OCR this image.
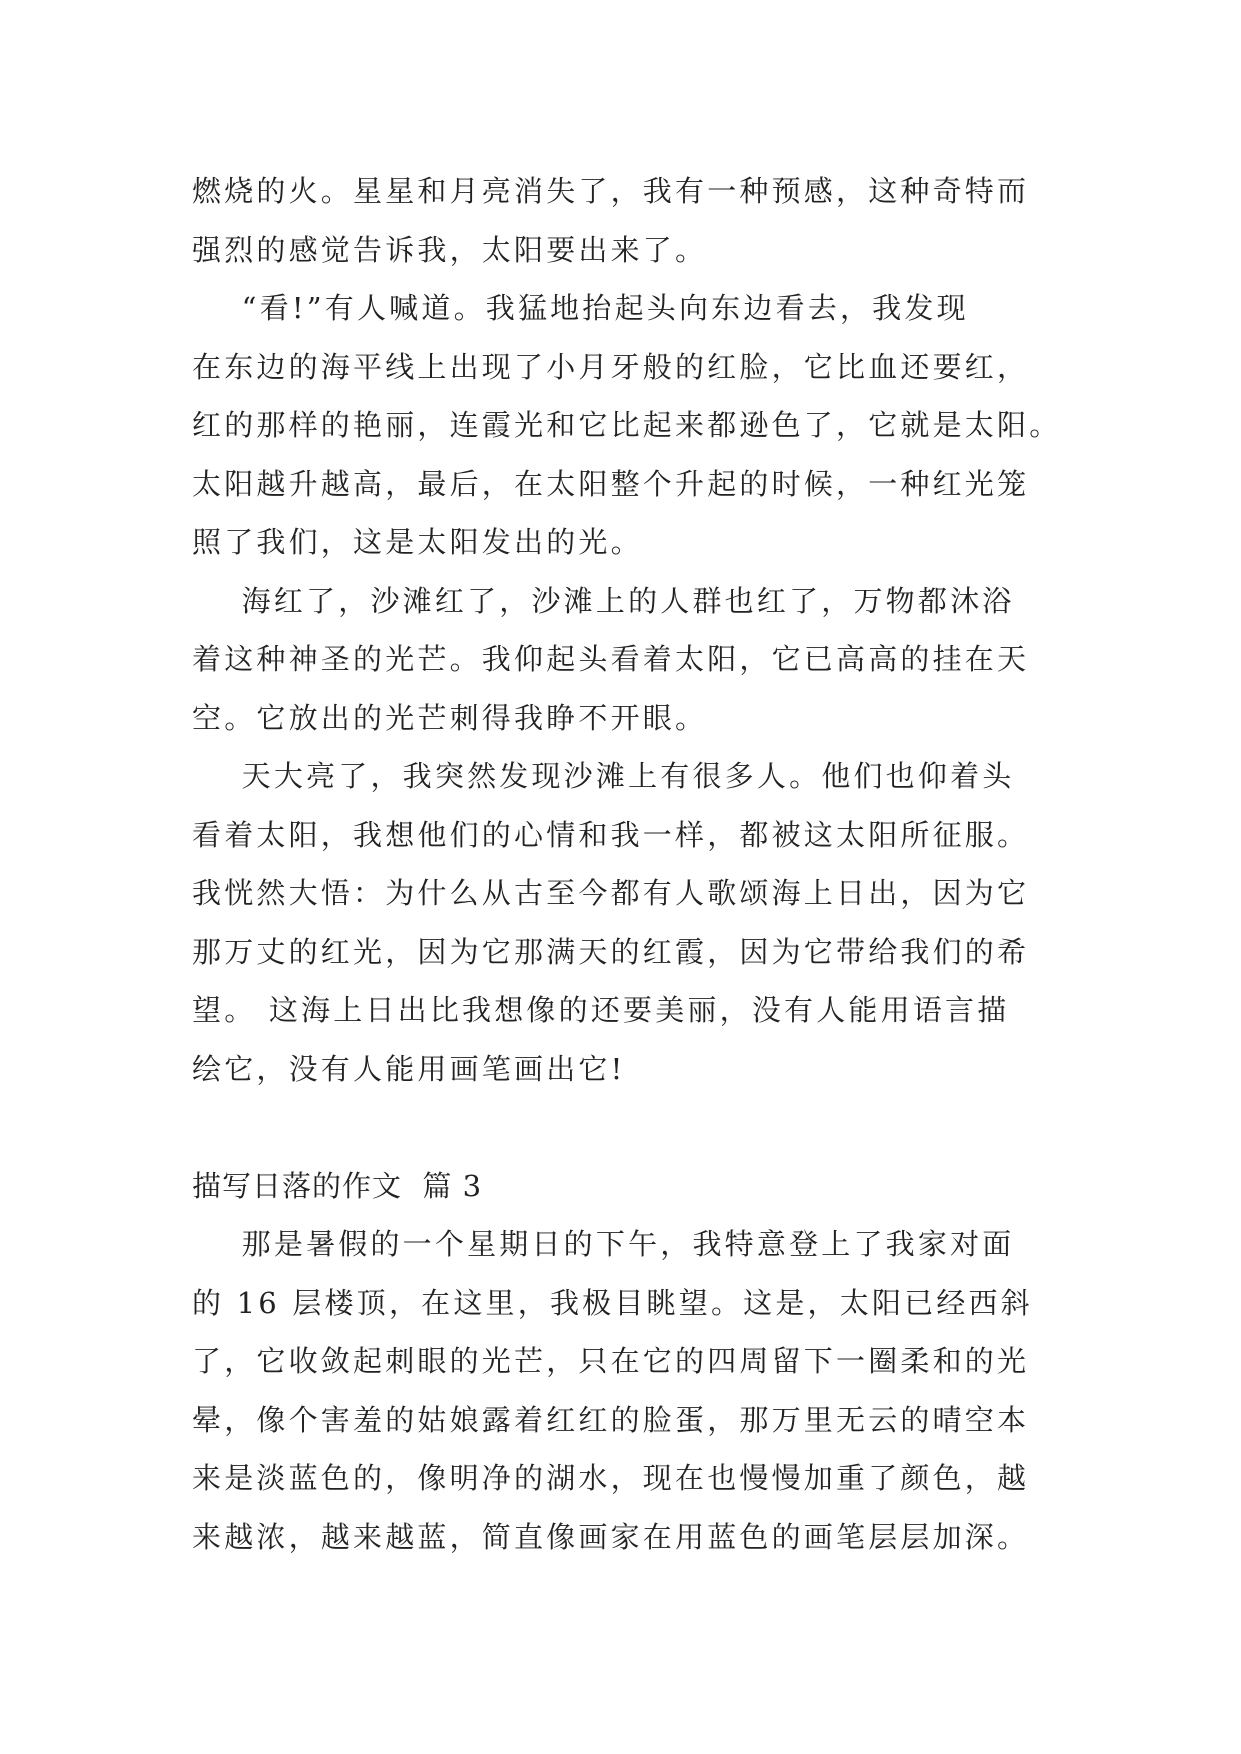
燃烧的火。星星和月亮消失了，我有一种预感，这种奇特而
强烈的感觉告诉我，太阳要出来了。
“看!”有人喊道。我猛地抬起头向东边看去，我发现
在东边的海平线上出现了小月牙般的红脸，它比血还要红，
红的那样的艳丽，连霞光和它比起来都逊色了，它就是太阳。
太阳越升越高，最后，在太阳整个升起的时候，一种红光笼
照了我们，这是太阳发出的光。
海红了，沙滩红了，沙滩上的人群也红了，万物都沐浴
着这种神圣的光芒。我仰起头看着太阳，它已高高的挂在天
空。它放出的光芒刺得我睁不开眼。
天大亮了，我突然发现沙滩上有很多人。他们也仰着头
看着太阳，我想他们的心情和我一样，都被这太阳所征服。
我恍然大悟：为什么从古至今都有人歌颂海上日出，因为它
那万丈的红光，因为它那满天的红霞，因为它带给我们的希
望。 这海上日出比我想像的还要美丽，没有人能用语言描
绘它，没有人能用画笔画出它!
描写日落的作文  篇 3
那是暑假的一个星期日的下午，我特意登上了我家对面
的 16 层楼顶，在这里，我极目眺望。这是，太阳已经西斜
了，它收敛起刺眼的光芒，只在它的四周留下一圈柔和的光
晕，像个害羞的姑娘露着红红的脸蛋，那万里无云的晴空本
来是淡蓝色的，像明净的湖水，现在也慢慢加重了颜色，越
来越浓，越来越蓝，简直像画家在用蓝色的画笔层层加深。
